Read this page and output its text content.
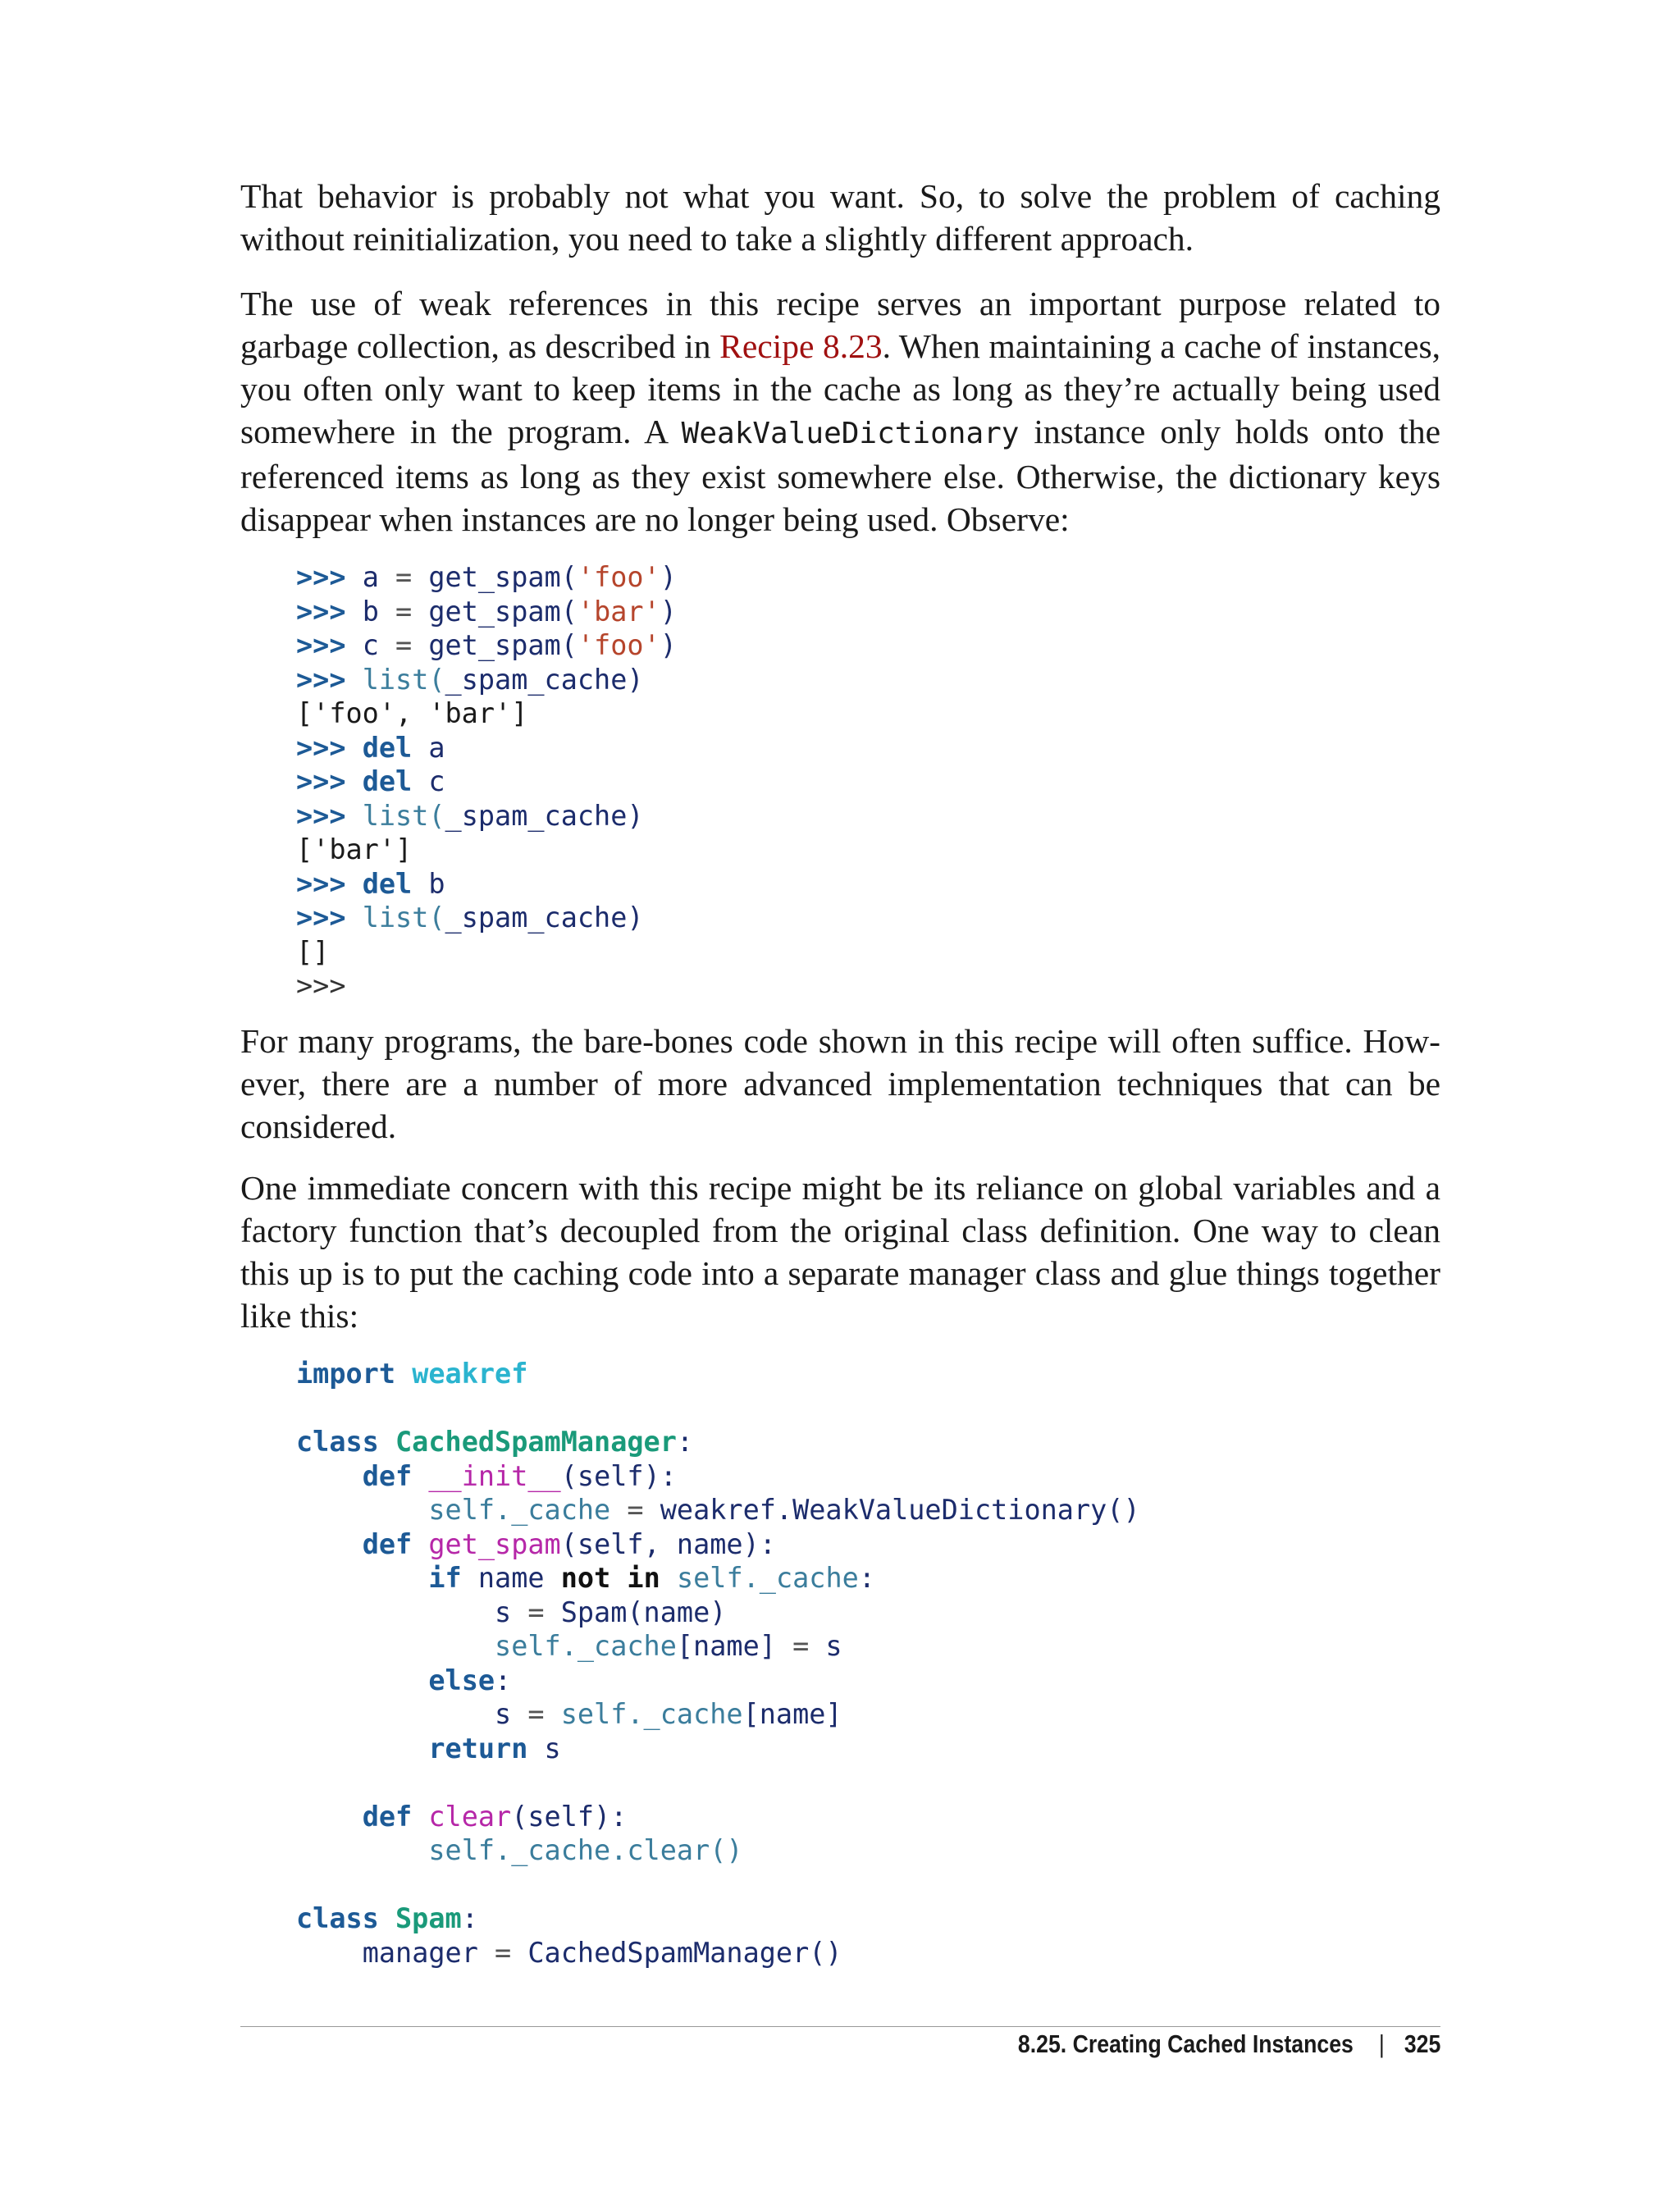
That behavior is probably not what you want. So, to solve the problem of caching without reinitialization, you need to take a slightly different approach.

The use of weak references in this recipe serves an important purpose related to garbage collection, as described in Recipe 8.23. When maintaining a cache of instances, you often only want to keep items in the cache as long as they’re actually being used somewhere in the program. A WeakValueDictionary instance only holds onto the referenced items as long as they exist somewhere else. Otherwise, the dictionary keys disappear when instances are no longer being used. Observe:

>>> a = get_spam('foo')
>>> b = get_spam('bar')
>>> c = get_spam('foo')
>>> list(_spam_cache)
['foo', 'bar']
>>> del a
>>> del c
>>> list(_spam_cache)
['bar']
>>> del b
>>> list(_spam_cache)
[]
>>>

For many programs, the bare-bones code shown in this recipe will often suffice. However, there are a number of more advanced implementation techniques that can be considered.

One immediate concern with this recipe might be its reliance on global variables and a factory function that’s decoupled from the original class definition. One way to clean this up is to put the caching code into a separate manager class and glue things together like this:

import weakref

class CachedSpamManager:
def __init__(self):
self._cache = weakref.WeakValueDictionary()
def get_spam(self, name):
if name not in self._cache:
s = Spam(name)
self._cache[name] = s
else:
s = self._cache[name]
return s

def clear(self):
self._cache.clear()

class Spam:
manager = CachedSpamManager()
8.25. Creating Cached Instances | 325
